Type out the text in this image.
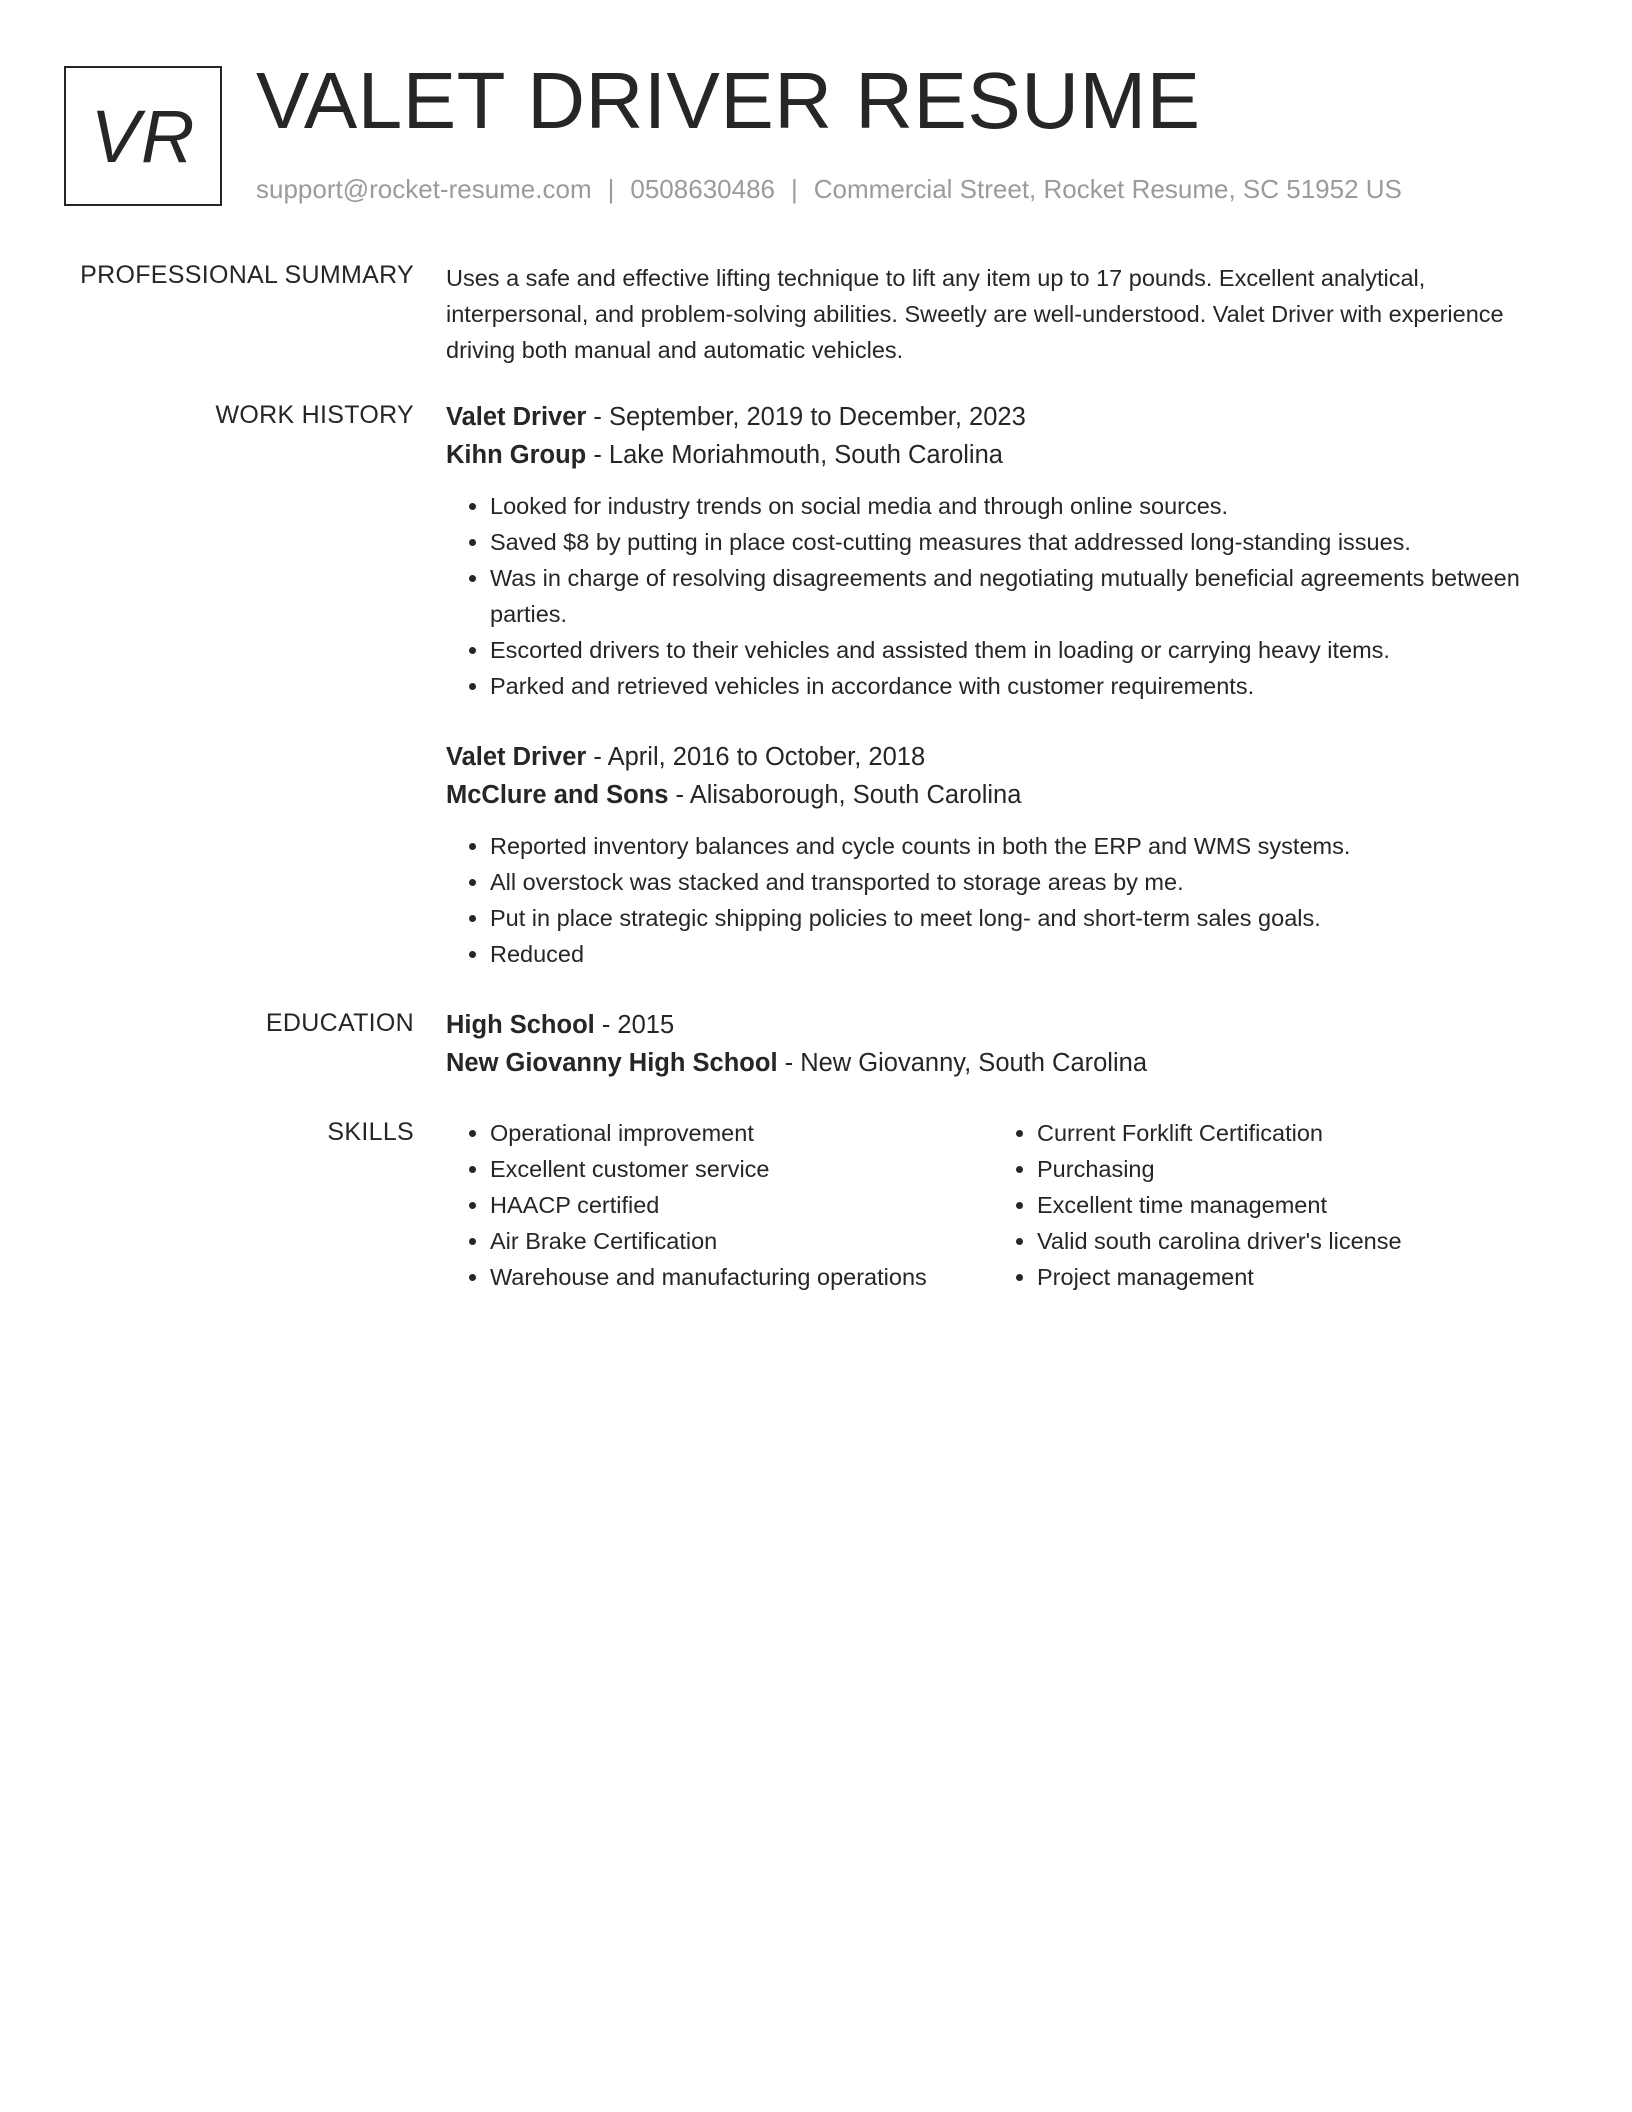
VR VALET DRIVER RESUME
support@rocket-resume.com | 0508630486 | Commercial Street, Rocket Resume, SC 51952 US
PROFESSIONAL SUMMARY Uses a safe and effective lifting technique to lift any item up to 17 pounds. Excellent analytical, interpersonal, and problem-solving abilities. Sweetly are well-understood. Valet Driver with experience driving both manual and automatic vehicles.

WORK HISTORY Valet Driver - September, 2019 to December, 2023

Kihn Group - Lake Moriahmouth, South Carolina

• Looked for industry trends on social media and through online sources.
• Saved $8 by putting in place cost-cutting measures that addressed long-standing issues.
• Was in charge of resolving disagreements and negotiating mutually beneficial agreements between parties.
• Escorted drivers to their vehicles and assisted them in loading or carrying heavy items.
• Parked and retrieved vehicles in accordance with customer requirements.

Valet Driver - April, 2016 to October, 2018

McClure and Sons - Alisaborough, South Carolina

• Reported inventory balances and cycle counts in both the ERP and WMS systems.
• All overstock was stacked and transported to storage areas by me.
• Put in place strategic shipping policies to meet long- and short-term sales goals.
• Reduced
EDUCATION High School - 2015

New Giovanny High School - New Giovanny, South Carolina

SKILLS
•	Operational improvement
• Excellent customer service
• HAACP certified
• Air Brake Certification
• Warehouse and manufacturing operations
• Current Forklift Certification
• Purchasing
• Excellent time management
• Valid south carolina driver's license
• Project management
